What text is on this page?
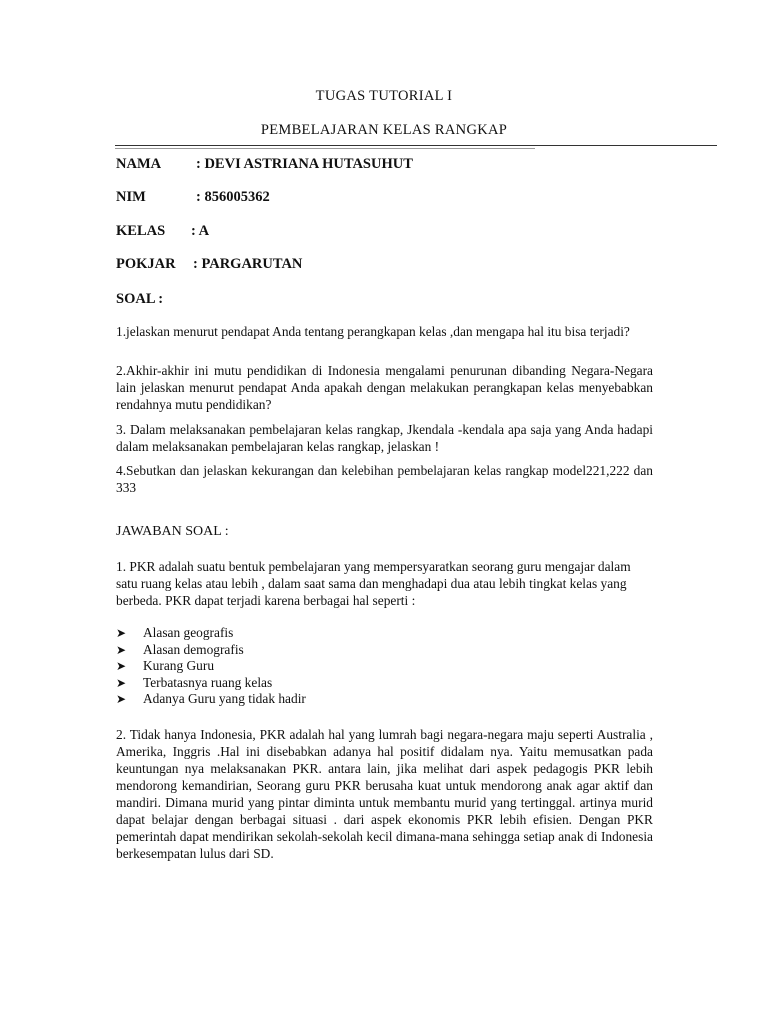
TUGAS TUTORIAL I
PEMBELAJARAN KELAS RANGKAP
NAMA : DEVI ASTRIANA HUTASUHUT
NIM	: 856005362
KELAS : A
POKJAR : PARGARUTAN
SOAL :
1.jelaskan menurut pendapat Anda tentang perangkapan kelas ,dan mengapa hal itu bisa terjadi?
2.Akhir-akhir ini mutu pendidikan di Indonesia mengalami penurunan dibanding Negara-Negara lain jelaskan menurut pendapat Anda apakah dengan melakukan perangkapan kelas menyebabkan rendahnya mutu pendidikan?
3. Dalam melaksanakan pembelajaran kelas rangkap, Jkendala -kendala apa saja yang Anda hadapi dalam melaksanakan pembelajaran kelas rangkap, jelaskan !
4.Sebutkan dan jelaskan kekurangan dan kelebihan pembelajaran kelas rangkap model221,222 dan 333
JAWABAN SOAL :
1. PKR adalah suatu bentuk pembelajaran yang mempersyaratkan seorang guru mengajar dalam satu ruang kelas atau lebih , dalam saat sama dan menghadapi dua atau lebih tingkat kelas yang berbeda. PKR dapat terjadi karena berbagai hal seperti :
➤ Alasan geografis
➤ Alasan demografis
➤ Kurang Guru
➤ Terbatasnya ruang kelas
➤ Adanya Guru yang tidak hadir
2. Tidak hanya Indonesia, PKR adalah hal yang lumrah bagi negara-negara maju seperti Australia , Amerika, Inggris .Hal ini disebabkan adanya hal positif didalam nya. Yaitu memusatkan pada keuntungan nya melaksanakan PKR. antara lain, jika melihat dari aspek pedagogis PKR lebih mendorong kemandirian, Seorang guru PKR berusaha kuat untuk mendorong anak agar aktif dan mandiri. Dimana murid yang pintar diminta untuk membantu murid yang tertinggal. artinya murid dapat belajar dengan berbagai situasi . dari aspek ekonomis PKR lebih efisien. Dengan PKR pemerintah dapat mendirikan sekolah-sekolah kecil dimana-mana sehingga setiap anak di Indonesia berkesempatan lulus dari SD.
